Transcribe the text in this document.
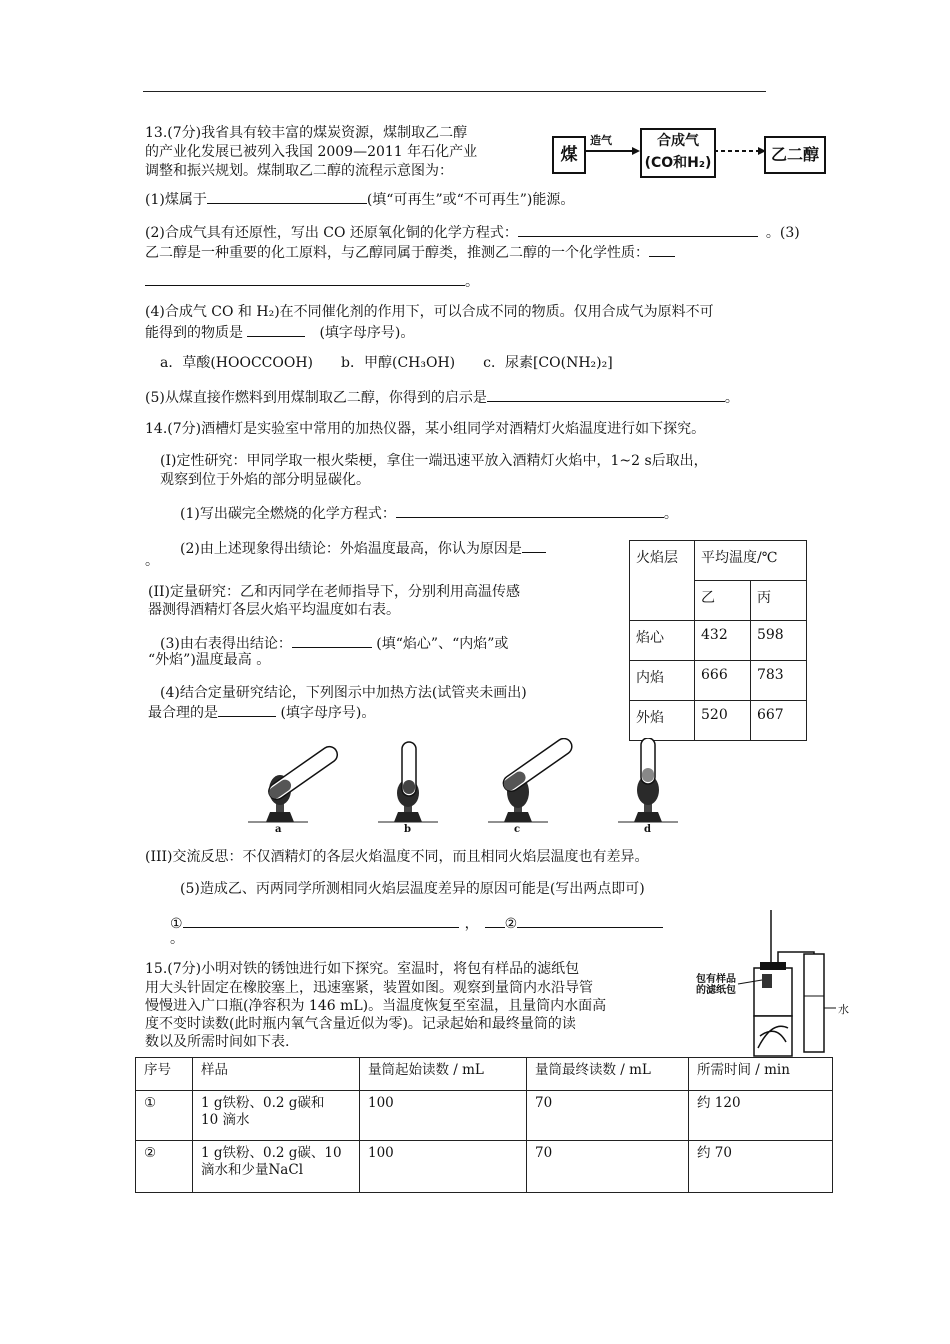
13.(7分)我省具有较丰富的煤炭资源，煤制取乙二醇
的产业化发展已被列入我国 2009—2011 年石化产业
调整和振兴规划。煤制取乙二醇的流程示意图为：
煤
造气	合成气
(CO和H₂)	乙二醇
(1)煤属于	(填“可再生”或“不可再生”)能源。
(2)合成气具有还原性，写出 CO 还原氧化铜的化学方程式：	。(3)
乙二醇是一种重要的化工原料，与乙醇同属于醇类，推测乙二醇的一个化学性质：
。
(4)合成气 CO 和 H₂)在不同催化剂的作用下，可以合成不同的物质。仅用合成气为原料不可
能得到的物质是 　	(填字母序号)。
a．草酸(HOOCCOOH)　　b．甲醇(CH₃OH)　　c．尿素[CO(NH₂)₂]
(5)从煤直接作燃料到用煤制取乙二醇，你得到的启示是	。
14.(7分)酒槽灯是实验室中常用的加热仪器，某小组同学对酒精灯火焰温度进行如下探究。
(I)定性研究：甲同学取一根火柴梗，拿住一端迅速平放入酒精灯火焰中，1~2 s后取出，
观察到位于外焰的部分明显碳化。
(1)写出碳完全燃烧的化学方程式：	。
(2)由上述现象得出绩论：外焰温度最高，你认为原因是
。
(II)定量研究：乙和丙同学在老师指导下，分别利用高温传感
器测得酒精灯各层火焰平均温度如右表。
(3)由右表得出结论：	(填“焰心”、“内焰”或
“外焰”)温度最高 。
(4)结合定量研究结论，下列图示中加热方法(试管夹未画出)
最合理的是	(填字母序号)。
火焰层	平均温度/℃	
	乙	丙
焰心	432	598
内焰	666	783
外焰	520	667
a	b	c	d
(III)交流反思：不仅酒精灯的各层火焰温度不同，而且相同火焰层温度也有差异。
(5)造成乙、丙两同学所测相同火焰层温度差异的原因可能是(写出两点即可)
①	， ②
。
15.(7分)小明对铁的锈蚀进行如下探究。室温时，将包有样品的滤纸包
用大头针固定在橡胶塞上，迅速塞紧，装置如图。观察到量筒内水沿导管
慢慢进入广口瓶(净容积为 146 mL)。当温度恢复至室温，且量筒内水面高
度不变时读数(此时瓶内氧气含量近似为零)。记录起始和最终量筒的读
数以及所需时间如下表.
包有样品
的滤纸包
水
序号	样品	量筒起始读数 / mL	量筒最终读数 / mL	所需时间 / min
①	1 g铁粉、0.2 g碳和
10 滴水	100	70	约 120
②	1 g铁粉、0.2 g碳、10
滴水和少量NaCl	100	70	约 70
